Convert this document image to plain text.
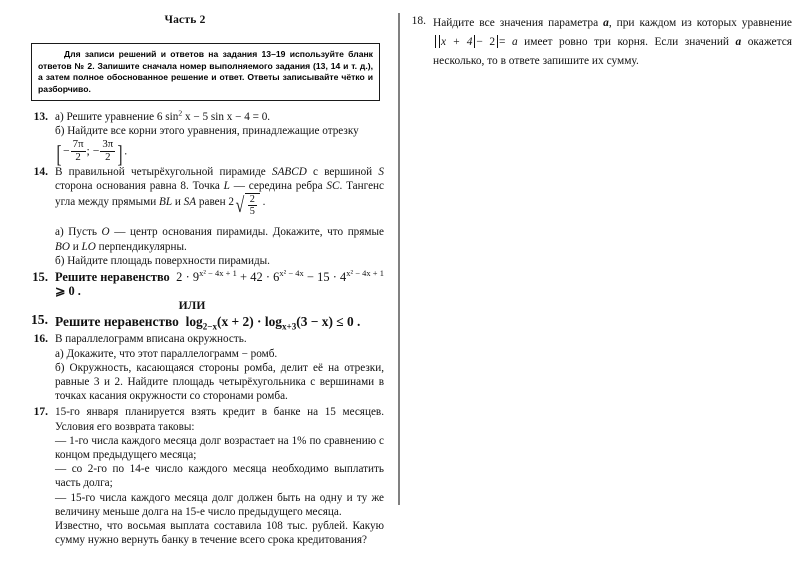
Часть 2

Для записи решений и ответов на задания 13–19 используйте бланк ответов № 2. Запишите сначала номер выполняемого задания (13, 14 и т. д.), а затем полное обоснованное решение и ответ. Ответы записывайте чётко и разборчиво.

13. а) Решите уравнение 6 $\sin^2 x - 5$ sin x − 4 = 0.

б) Найдите все корни этого уравнения, принадлежащие отрезку

[ − $\frac{7\pi}{2}$ ; − $\frac{3\pi}{2}$ ] .

14. В правильной четырёхугольной пирамиде SABCD с вершиной S сторона основания равна 8. Точка L — середина ребра SC. Тангенс угла между прямыми BL и SA равен $2√ \frac{2}{5}$ .

а) Пусть O — центр основания пирамиды. Докажите, что прямые BO и LO перпендикулярны.

б) Найдите площадь поверхности пирамиды.

15. Решите неравенство $2 \cdot 9^{x^2 - 4x + 1} + 42 \cdot 6^{x^2 - 4x} - 15 \cdot 4^{x^2 - 4x + 1}$ ⩾ 0 .

ИЛИ
15. Решите неравенство $\log_{2-x}(x + 2) \cdot \log_{x+3}(3 - x) \le 0$ .

16. В параллелограмм вписана окружность.

а) Докажите, что этот параллелограмм − ромб.

б) Окружность, касающаяся стороны ромба, делит её на отрезки, равные 3 и 2. Найдите площадь четырёхугольника с вершинами в точках касания окружности со сторонами ромба.

17. 15-го января планируется взять кредит в банке на 15 месяцев. Условия его возврата таковы:

— 1-го числа каждого месяца долг возрастает на 1% по сравнению с концом предыдущего месяца;

— со 2-го по 14-е число каждого месяца необходимо выплатить часть долга;

— 15-го числа каждого месяца долг должен быть на одну и ту же величину меньше долга на 15-е число предыдущего месяца.

Известно, что восьмая выплата составила 108 тыс. рублей. Какую сумму нужно вернуть банку в течение всего срока кредитования?

18. Найдите все значения параметра a, при каждом из которых уравнение x + 4 − 2 = a имеет ровно три корня. Если значений a окажется несколько, то в ответе запишите их сумму.
